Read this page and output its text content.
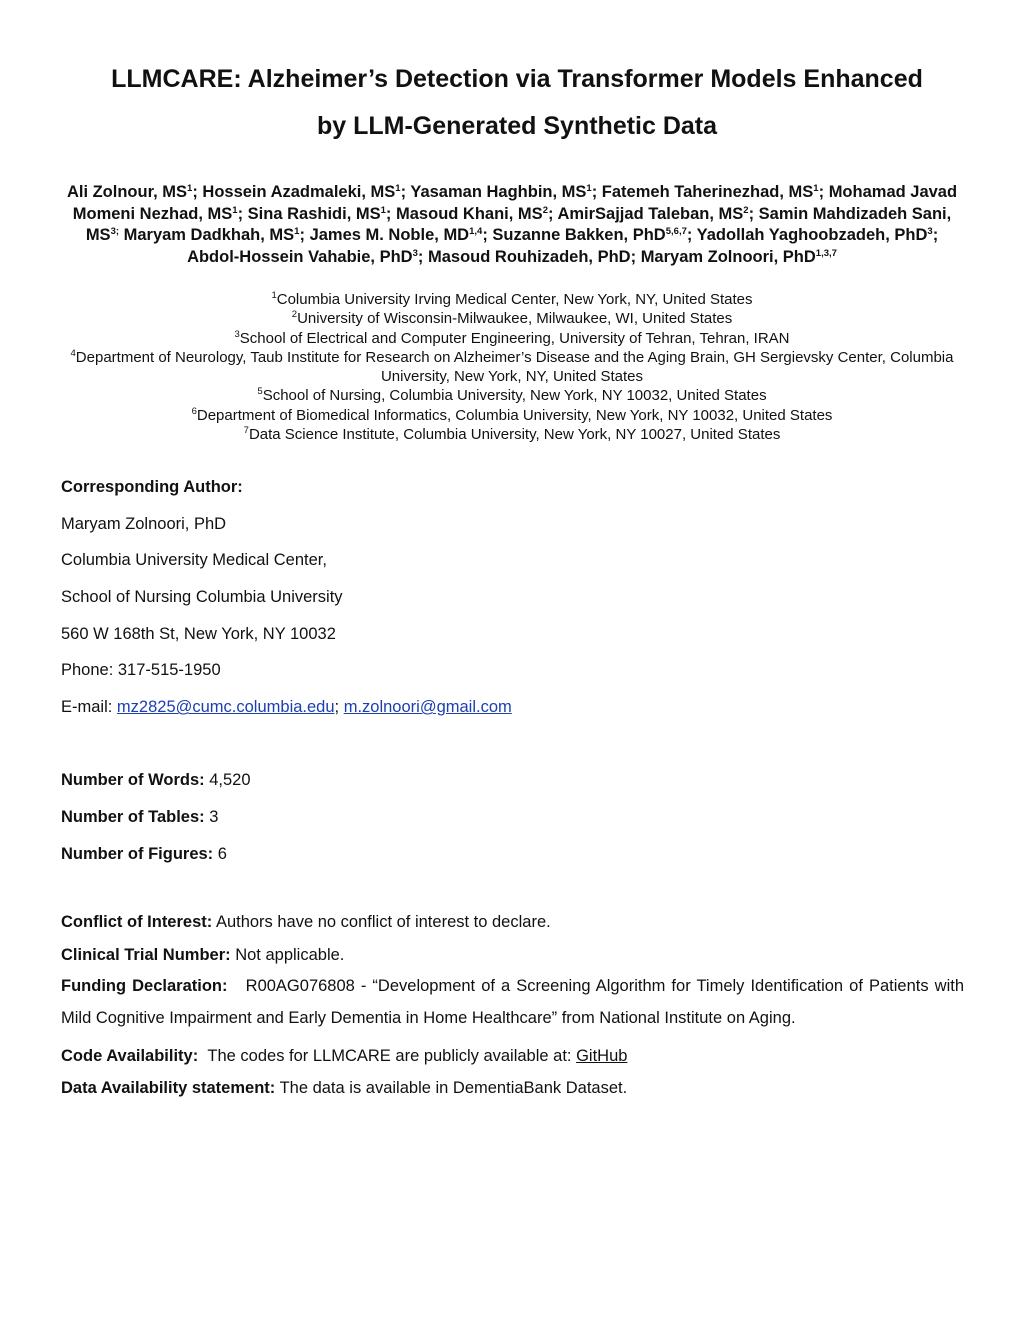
LLMCARE: Alzheimer’s Detection via Transformer Models Enhanced
by LLM-Generated Synthetic Data
Ali Zolnour, $MS^1$; Hossein Azadmaleki, $MS^1$; Yasaman Haghbin, $MS^1$; Fatemeh Taherinezhad, $MS^1$; Mohamad Javad Momeni Nezhad, $MS^1$; Sina Rashidi, $MS^1$; Masoud Khani, $MS^2$; AmirSajjad Taleban, $MS^2$; Samin Mahdizadeh Sani, $MS^{3;}$ Maryam Dadkhah, $MS^1$; James M. Noble, MD$^{1,4}$; Suzanne Bakken, PhD$^{5,6,7}$; Yadollah Yaghoobzadeh, PhD$^3$; Abdol-Hossein Vahabie, PhD$^3$; Masoud Rouhizadeh, PhD; Maryam Zolnoori, PhD$^{1,3,7}$
$^1$Columbia University Irving Medical Center, New York, NY, United States
$^2$University of Wisconsin-Milwaukee, Milwaukee, WI, United States
$^3$School of Electrical and Computer Engineering, University of Tehran, Tehran, IRAN
$^4$Department of Neurology, Taub Institute for Research on Alzheimer’s Disease and the Aging Brain, GH Sergievsky Center, Columbia University, New York, NY, United States
$^5$School of Nursing, Columbia University, New York, NY 10032, United States
$^6$Department of Biomedical Informatics, Columbia University, New York, NY 10032, United States
$^7$Data Science Institute, Columbia University, New York, NY 10027, United States
Corresponding Author:
Maryam Zolnoori, PhD
Columbia University Medical Center,
School of Nursing Columbia University
560 W 168th St, New York, NY 10032
Phone: 317-515-1950
E-mail: mz2825@cumc.columbia.edu; m.zolnoori@gmail.com
Number of Words: 4,520
Number of Tables: 3
Number of Figures: 6
Conflict of Interest: Authors have no conflict of interest to declare.
Clinical Trial Number: Not applicable.
Funding Declaration: R00AG076808 - “Development of a Screening Algorithm for Timely Identification of Patients with Mild Cognitive Impairment and Early Dementia in Home Healthcare” from National Institute on Aging.
Code Availability: The codes for LLMCARE are publicly available at: GitHub
Data Availability statement: The data is available in DementiaBank Dataset.
